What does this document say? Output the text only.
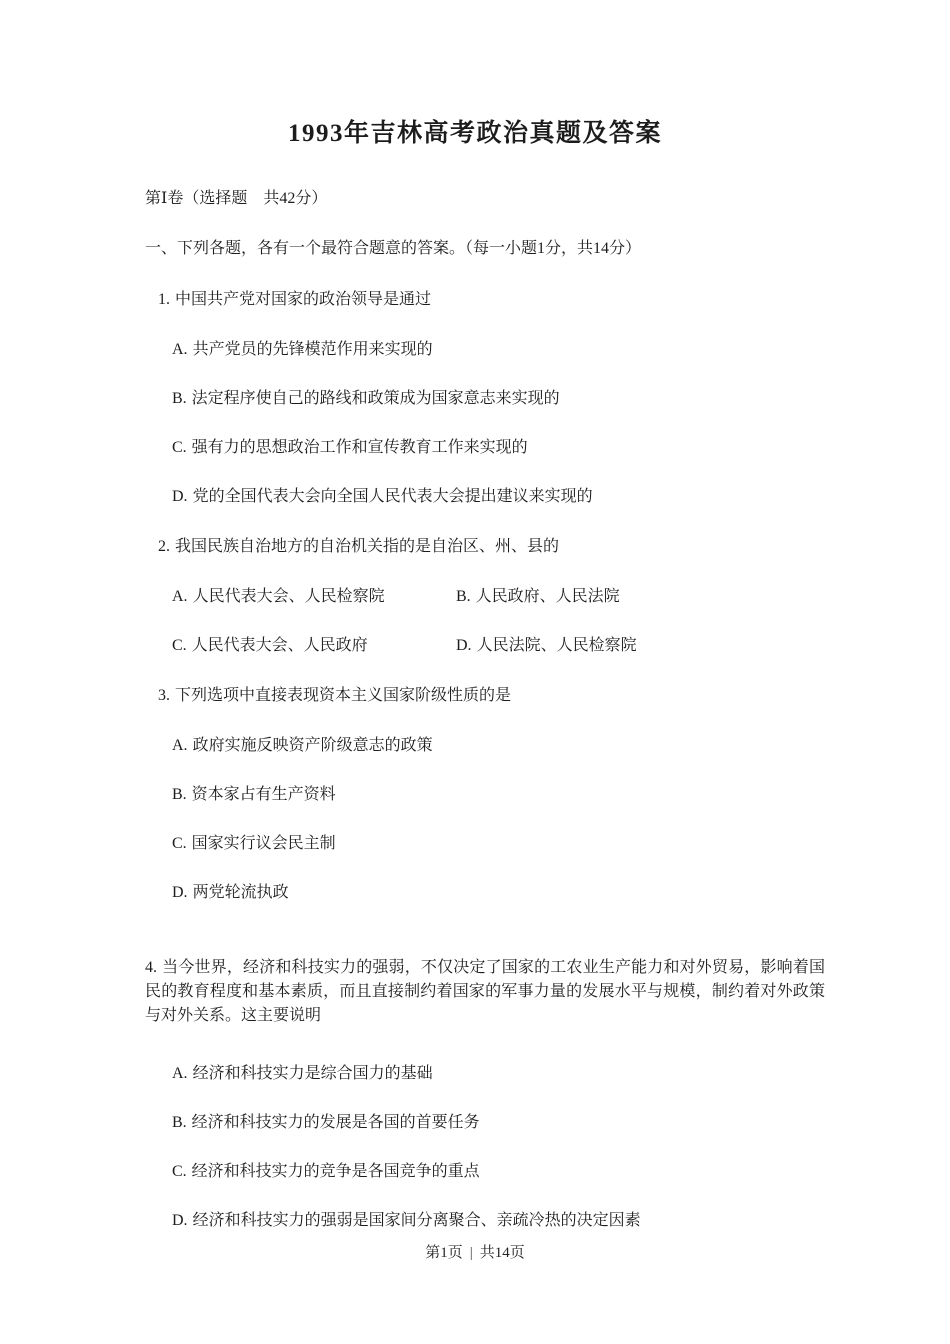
1993年吉林高考政治真题及答案
第Ⅰ卷（选择题　共42分）
一、下列各题，各有一个最符合题意的答案。（每一小题1分，共14分）
1. 中国共产党对国家的政治领导是通过
A. 共产党员的先锋模范作用来实现的
B. 法定程序使自己的路线和政策成为国家意志来实现的
C. 强有力的思想政治工作和宣传教育工作来实现的
D. 党的全国代表大会向全国人民代表大会提出建议来实现的
2. 我国民族自治地方的自治机关指的是自治区、州、县的
A. 人民代表大会、人民检察院	B. 人民政府、人民法院
C. 人民代表大会、人民政府	D. 人民法院、人民检察院
3. 下列选项中直接表现资本主义国家阶级性质的是
A. 政府实施反映资产阶级意志的政策
B. 资本家占有生产资料
C. 国家实行议会民主制
D. 两党轮流执政
4. 当今世界，经济和科技实力的强弱，不仅决定了国家的工农业生产能力和对外贸易，影响着国民的教育程度和基本素质，而且直接制约着国家的军事力量的发展水平与规模，制约着对外政策与对外关系。这主要说明
A. 经济和科技实力是综合国力的基础
B. 经济和科技实力的发展是各国的首要任务
C. 经济和科技实力的竞争是各国竞争的重点
D. 经济和科技实力的强弱是国家间分离聚合、亲疏冷热的决定因素
第1页 | 共14页
